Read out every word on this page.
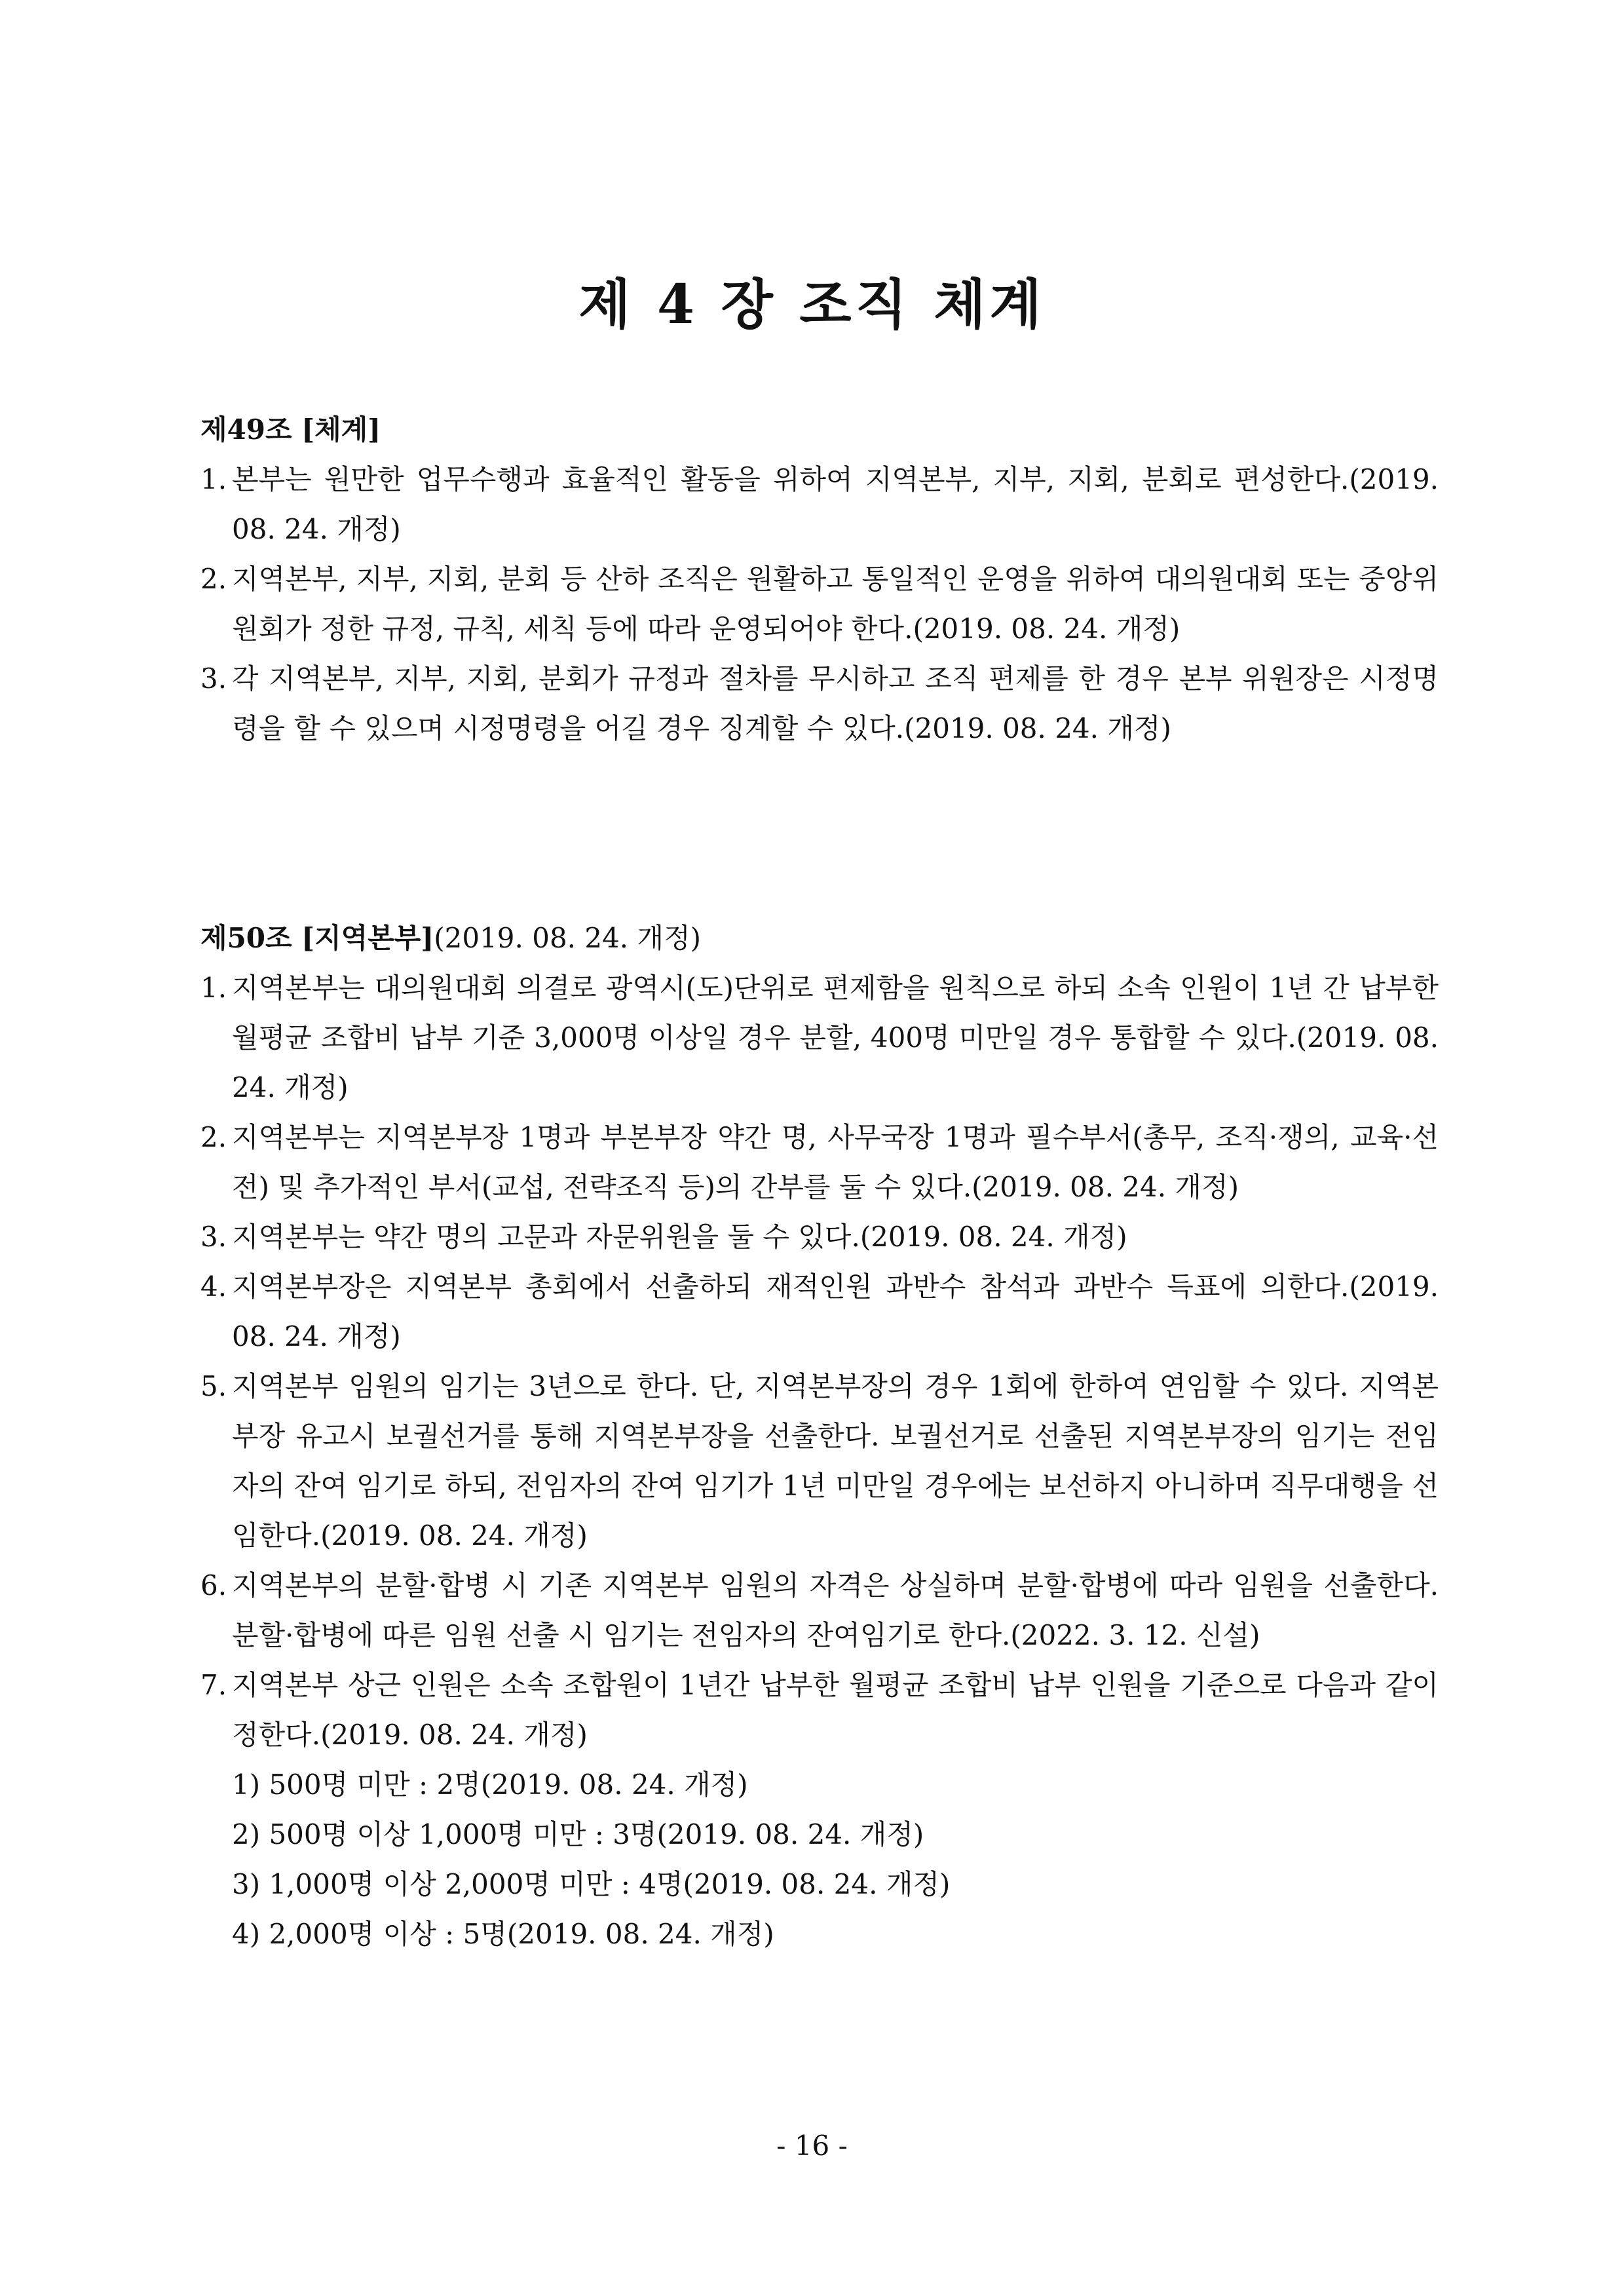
제 4 장 조직 체계

제49조 [체계]

1. 본부는 원만한 업무수행과 효율적인 활동을 위하여 지역본부, 지부, 지회, 분회로 편성한다.(2019. 08. 24. 개정)
2. 지역본부, 지부, 지회, 분회 등 산하 조직은 원활하고 통일적인 운영을 위하여 대의원대회 또는 중앙위원회가 정한 규정, 규칙, 세칙 등에 따라 운영되어야 한다.(2019. 08. 24. 개정)
3. 각 지역본부, 지부, 지회, 분회가 규정과 절차를 무시하고 조직 편제를 한 경우 본부 위원장은 시정명령을 할 수 있으며 시정명령을 어길 경우 징계할 수 있다.(2019. 08. 24. 개정)

제50조 [지역본부](2019. 08. 24. 개정)

1. 지역본부는 대의원대회 의결로 광역시(도)단위로 편제함을 원칙으로 하되 소속 인원이 1년 간 납부한 월평균 조합비 납부 기준 3,000명 이상일 경우 분할, 400명 미만일 경우 통합할 수 있다.(2019. 08. 24. 개정)
2. 지역본부는 지역본부장 1명과 부본부장 약간 명, 사무국장 1명과 필수부서(총무, 조직·쟁의, 교육·선전) 및 추가적인 부서(교섭, 전략조직 등)의 간부를 둘 수 있다.(2019. 08. 24. 개정)
3. 지역본부는 약간 명의 고문과 자문위원을 둘 수 있다.(2019. 08. 24. 개정)
4. 지역본부장은 지역본부 총회에서 선출하되 재적인원 과반수 참석과 과반수 득표에 의한다.(2019. 08. 24. 개정)
5. 지역본부 임원의 임기는 3년으로 한다. 단, 지역본부장의 경우 1회에 한하여 연임할 수 있다. 지역본부장 유고시 보궐선거를 통해 지역본부장을 선출한다. 보궐선거로 선출된 지역본부장의 임기는 전임자의 잔여 임기로 하되, 전임자의 잔여 임기가 1년 미만일 경우에는 보선하지 아니하며 직무대행을 선임한다.(2019. 08. 24. 개정)
6. 지역본부의 분할·합병 시 기존 지역본부 임원의 자격은 상실하며 분할·합병에 따라 임원을 선출한다. 분할·합병에 따른 임원 선출 시 임기는 전임자의 잔여임기로 한다.(2022. 3. 12. 신설)
7. 지역본부 상근 인원은 소속 조합원이 1년간 납부한 월평균 조합비 납부 인원을 기준으로 다음과 같이 정한다.(2019. 08. 24. 개정)

1) 500명 미만 : 2명(2019. 08. 24. 개정)

2) 500명 이상 1,000명 미만 : 3명(2019. 08. 24. 개정)

3) 1,000명 이상 2,000명 미만 : 4명(2019. 08. 24. 개정)

4) 2,000명 이상 : 5명(2019. 08. 24. 개정)

- 16 -
